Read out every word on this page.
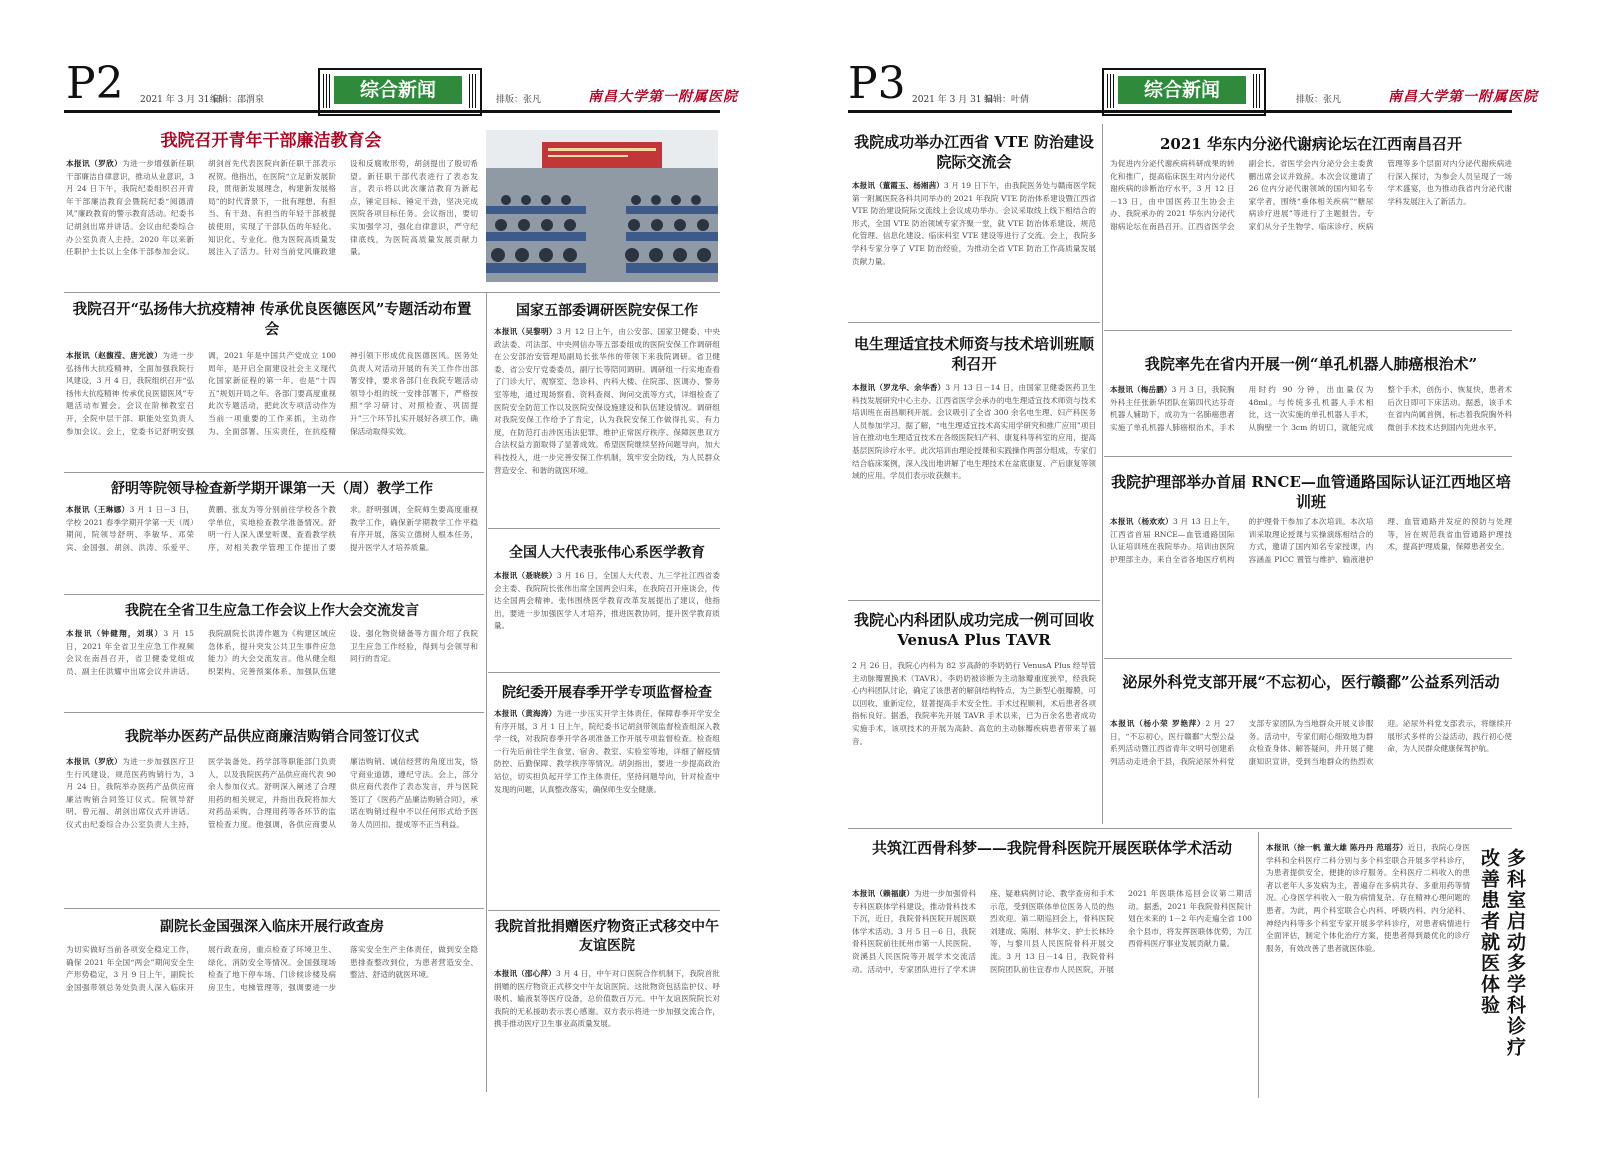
P2 2021 年 3 月 31 日
编辑：邵渭泉	综合新闻	排版：张凡	南昌大学第一附属医院
我院召开青年干部廉洁教育会
本报讯（罗欣）为进一步增强新任职干部廉洁自律意识，推动从业意识，3 月 24 日下午，我院纪委组织召开青年干部廉洁教育会暨院纪委“阅德清风”廉政教育的警示教育活动。纪委书记胡剑出席并讲话。会议由纪委综合办公室负责人主持。2020 年以来新任职护士长以上全体干部参加会议。胡剑首先代表医院向新任职干部表示祝贺。他指出，在医院“立足新发展阶段，贯彻新发展理念，构建新发展格局”的时代背景下，一批有理想、有担当、有干劲、有担当的年轻干部被提拔使用，实现了干部队伍的年轻化、知识化、专业化。他为医院高质量发展注入了活力。针对当前党风廉政建设和反腐败形势，胡剑提出了殷切希望。新任职干部代表进行了表态发言，表示将以此次廉洁教育为新起点，锤定目标、锤定干劲，坚决完成医院各项目标任务。会议指出，要切实加强学习，强化自律意识，严守纪律底线，为医院高质量发展贡献力量。
我院召开“弘扬伟大抗疫精神 传承优良医德医风”专题活动布置会
本报讯（赵馥滢、唐光波）为进一步弘扬伟大抗疫精神，全面加强我院行风建设，3 月 4 日，我院组织召开“弘扬伟大抗疫精神 传承优良医德医风”专题活动布置会。会议在阶梯教室召开，全院中层干部、职能处室负责人参加会议。会上，党委书记舒明安强调，2021 年是中国共产党成立 100 周年，是开启全面建设社会主义现代化国家新征程的第一年。也是“十四五”规划开局之年。各部门要高度重视此次专题活动，把此次专项活动作为当前一项重要的工作来抓，主动作为、全面部署、压实责任，在抗疫精神引领下形成优良医德医风。医务处负责人对活动开展的有关工作作出部署安排，要求各部门在我院专题活动领导小组的统一安排部署下，严格按照“学习研讨、对照检查、巩固提升”三个环节扎实开展好各项工作，确保活动取得实效。
国家五部委调研医院安保工作
本报讯（吴黎明）3 月 12 日上午，由公安部、国家卫健委、中央政法委、司法部、中央网信办等五部委组成的医院安保工作调研组在公安部治安管理局副局长张华伟的带领下来我院调研。省卫健委、省公安厅党委委员、副厅长等陪同调研。调研组一行实地查看了门诊大厅、观察室、急诊科、内科大楼、住院部、医调办、警务室等地，通过现场察看、资料查阅、询问交流等方式，详细检查了医院安全防范工作以及医院安保设施建设和队伍建设情况。调研组对我院安保工作给予了肯定，认为我院安保工作做得扎实、有力度，在防范打击涉医违法犯罪、维护正常医疗秩序、保障医患双方合法权益方面取得了显著成效。希望医院继续坚持问题导向，加大科技投入，进一步完善安保工作机制，筑牢安全防线，为人民群众营造安全、和谐的就医环境。
舒明等院领导检查新学期开课第一天（周）教学工作
本报讯（王琳娜）3 月 1 日－3 日，学校 2021 春季学期开学第一天（周）期间，院领导舒明、李敏华、邓荣宾、金国强、胡剑、洪涛、乐爱平、黄鹏、张友为等分别前往学校各个教学单位，实地检查教学准备情况。舒明一行人深入课堂听课、查看教学秩序，对相关教学管理工作提出了要求。舒明强调，全院师生要高度重视教学工作，确保新学期教学工作平稳有序开展，落实立德树人根本任务，提升医学人才培养质量。
我院在全省卫生应急工作会议上作大会交流发言
本报讯（钟健翔，刘琪）3 月 15 日，2021 年全省卫生应急工作视频会议在南昌召开，省卫健委党组成员、副主任洪耀中出席会议并讲话。我院副院长洪涛作题为《构建区域应急体系，提升突发公共卫生事件应急能力》的大会交流发言。他从健全组织架构、完善预案体系、加强队伍建设、强化物资储备等方面介绍了我院卫生应急工作经验，得到与会领导和同行的肯定。
我院举办医药产品供应商廉洁购销合同签订仪式
本报讯（罗欣）为进一步加强医疗卫生行风建设，规范医药购销行为，3 月 24 日，我院举办医药产品供应商廉洁购销合同签订仪式。院领导舒明、曾元福、胡剑出席仪式并讲话。仪式由纪委综合办公室负责人主持，医学装备处、药学部等职能部门负责人，以及我院医药产品供应商代表 90 余人参加仪式。舒明深入阐述了合理用药的相关规定，并指出我院将加大对药品采购、合理用药等各环节的监管检查力度。他强调，各供应商要从廉洁购销、诚信经营的角度出发，恪守商业道德，遵纪守法。会上，部分供应商代表作了表态发言，并与医院签订了《医药产品廉洁购销合同》，承诺在购销过程中不以任何形式给予医务人员回扣、提成等不正当利益。
副院长金国强深入临床开展行政查房
为切实做好当前各项安全稳定工作，确保 2021 年全国“两会”期间安全生产形势稳定，3 月 9 日上午，副院长金国强带领总务处负责人深入临床开展行政查房，重点检查了环境卫生、绿化、消防安全等情况。金国强现场检查了地下停车场、门诊候诊楼及病房卫生、电梯管理等，强调要进一步落实安全生产主体责任，做到安全隐患排查整改到位，为患者营造安全、整洁、舒适的就医环境。
全国人大代表张伟心系医学教育
本报讯（聂晓轶）3 月 16 日，全国人大代表、九三学社江西省委会主委、我院院长张伟出席全国两会归来，在我院召开座谈会，传达全国两会精神。张伟围绕医学教育改革发展提出了建议，他指出，要进一步加强医学人才培养，推进医教协同，提升医学教育质量。
院纪委开展春季开学专项监督检查
本报讯（黄海涛）为进一步压实开学主体责任，保障春季开学安全有序开展，3 月 1 日上午，院纪委书记胡剑带领监督检查组深入教学一线，对我院春季开学各项准备工作开展专项监督检查。检查组一行先后前往学生食堂、宿舍、教室、实验室等地，详细了解疫情防控、后勤保障、教学秩序等情况。胡剑指出，要进一步提高政治站位，切实担负起开学工作主体责任，坚持问题导向，针对检查中发现的问题，认真整改落实，确保师生安全健康。
我院首批捐赠医疗物资正式移交中午友谊医院
本报讯（邵心萍）3 月 4 日，中午对口医院合作机制下，我院首批捐赠的医疗物资正式移交中午友谊医院。这批物资包括监护仪、呼吸机、输液泵等医疗设备，总价值数百万元。中午友谊医院院长对我院的无私援助表示衷心感谢。双方表示将进一步加强交流合作，携手推动医疗卫生事业高质量发展。
P3 2021 年 3 月 31 日
编辑：叶倩	综合新闻	排版：张凡	南昌大学第一附属医院
我院成功举办江西省 VTE 防治建设院际交流会
本报讯（董霞玉、杨湘茜）3 月 19 日下午，由我院医务处与赣南医学院第一附属医院各科共同举办的 2021 年我院 VTE 防治体系建设暨江西省 VTE 防治建设院际交流线上会议成功举办。会议采取线上线下相结合的形式，全国 VTE 防治领域专家齐聚一堂，就 VTE 防治体系建设、规范化管理、信息化建设、临床科室 VTE 建设等进行了交流。会上，我院多学科专家分享了 VTE 防治经验，为推动全省 VTE 防治工作高质量发展贡献力量。
2021 华东内分泌代谢病论坛在江西南昌召开
为促进内分泌代谢疾病科研成果的转化和推广，提高临床医生对内分泌代谢疾病的诊断治疗水平，3 月 12 日－13 日，由中国医药卫生协会主办、我院承办的 2021 华东内分泌代谢病论坛在南昌召开。江西省医学会副会长、省医学会内分泌分会主委黄鹏出席会议并致辞。本次会议邀请了 26 位内分泌代谢领域的国内知名专家学者，围绕“垂体相关疾病”“糖尿病诊疗进展”等进行了主题报告。专家们从分子生物学、临床诊疗、疾病管理等多个层面对内分泌代谢疾病进行深入探讨，为参会人员呈现了一场学术盛宴，也为推动我省内分泌代谢学科发展注入了新活力。
电生理适宜技术师资与技术培训班顺利召开
本报讯（罗龙华、余华香）3 月 13 日－14 日，由国家卫健委医药卫生科技发展研究中心主办、江西省医学会承办的电生理适宜技术师资与技术培训班在南昌顺利开展。会议吸引了全省 300 余名电生理、妇产科医务人员参加学习。据了解，“电生理适宜技术高实用学研究和推广应用”项目旨在推动电生理适宜技术在各级医院妇产科、康复科等科室的应用，提高基层医院诊疗水平。此次培训由理论授课和实践操作两部分组成，专家们结合临床案例，深入浅出地讲解了电生理技术在盆底康复、产后康复等领域的应用。学员们表示收获颇丰。
我院率先在省内开展一例“单孔机器人肺癌根治术”
本报讯（梅岳鹏）3 月 3 日，我院胸外科主任张新华团队在第四代达芬奇机器人辅助下，成功为一名肺癌患者实施了单孔机器人肺癌根治术，手术用时约 90 分钟，出血量仅为 48ml。与传统多孔机器人手术相比，这一次实施的单孔机器人手术，从胸壁一个 3cm 的切口，就能完成整个手术，创伤小、恢复快，患者术后次日即可下床活动。据悉，该手术在省内尚属首例，标志着我院胸外科微创手术技术达到国内先进水平。
我院护理部举办首届 RNCE—血管通路国际认证江西地区培训班
本报讯（杨欢欢）3 月 13 日上午，江西省首届 RNCE—血管通路国际认证培训班在我院举办。培训由医院护理部主办，来自全省各地医疗机构的护理骨干参加了本次培训。本次培训采取理论授课与实操演练相结合的方式，邀请了国内知名专家授课，内容涵盖 PICC 置管与维护、输液港护理、血管通路并发症的预防与处理等，旨在规范我省血管通路护理技术，提高护理质量，保障患者安全。
我院心内科团队成功完成一例可回收 VenusA Plus TAVR
2 月 26 日，我院心内科为 82 岁高龄的李奶奶行 VenusA Plus 经导管主动脉瓣置换术（TAVR）。李奶奶被诊断为主动脉瓣重度狭窄，经我院心内科团队讨论，确定了该患者的解剖结构特点，为兰新型心脏瓣膜，可以回收、重新定位，显著提高手术安全性。手术过程顺利，术后患者各项指标良好。据悉，我院率先开展 TAVR 手术以来，已为百余名患者成功实施手术，该项技术的开展为高龄、高危的主动脉瓣疾病患者带来了福音。
泌尿外科党支部开展“不忘初心，医行赣鄱”公益系列活动
本报讯（杨小荣 罗艳萍）2 月 27 日，“不忘初心，医行赣鄱”大型公益系列活动暨江西省青年文明号创建系列活动走进余干县，我院泌尿外科党支部专家团队为当地群众开展义诊服务。活动中，专家们耐心细致地为群众检查身体、解答疑问，并开展了健康知识宣讲，受到当地群众的热烈欢迎。泌尿外科党支部表示，将继续开展形式多样的公益活动，践行初心使命，为人民群众健康保驾护航。
共筑江西骨科梦——我院骨科医院开展医联体学术活动
本报讯（赖福康）为进一步加强骨科专科医联体学科建设，推动骨科技术下沉，近日，我院骨科医院开展医联体学术活动。3 月 5 日－6 日，我院骨科医院前往抚州市第一人民医院、资溪县人民医院等开展学术交流活动。活动中，专家团队进行了学术讲座、疑难病例讨论、教学查房和手术示范，受到医联体单位医务人员的热烈欢迎。第二期巡回会上，骨科医院刘建成、陈刚、林华文、护士长林玲等，与黎川县人民医院骨科开展交流。3 月 13 日－14 日，我院骨科医院团队前往宜春市人民医院，开展 2021 年医联体巡回会议第二期活动。据悉，2021 年我院骨科医院计划在未来的 1－2 年内走遍全省 100 余个县市，将发挥医联体优势，为江西骨科医疗事业发展贡献力量。
本报讯（徐一帆 董大雄 陈丹丹 范瑶芬）近日，我院心身医学科和全科医疗二科分别与多个科室联合开展多学科诊疗，为患者提供安全、便捷的诊疗服务。全科医疗二科收入的患者以老年人多发病为主，普遍存在多病共存、多重用药等情况。心身医学科收入一般为病情复杂、存在精神心理问题的患者。为此，两个科室联合心内科、呼吸内科、内分泌科、神经内科等多个科室专家开展多学科诊疗，对患者病情进行全面评估，制定个体化治疗方案，使患者得到最优化的诊疗服务，有效改善了患者就医体验。	多科室启动多学科诊疗改善患者就医体验
